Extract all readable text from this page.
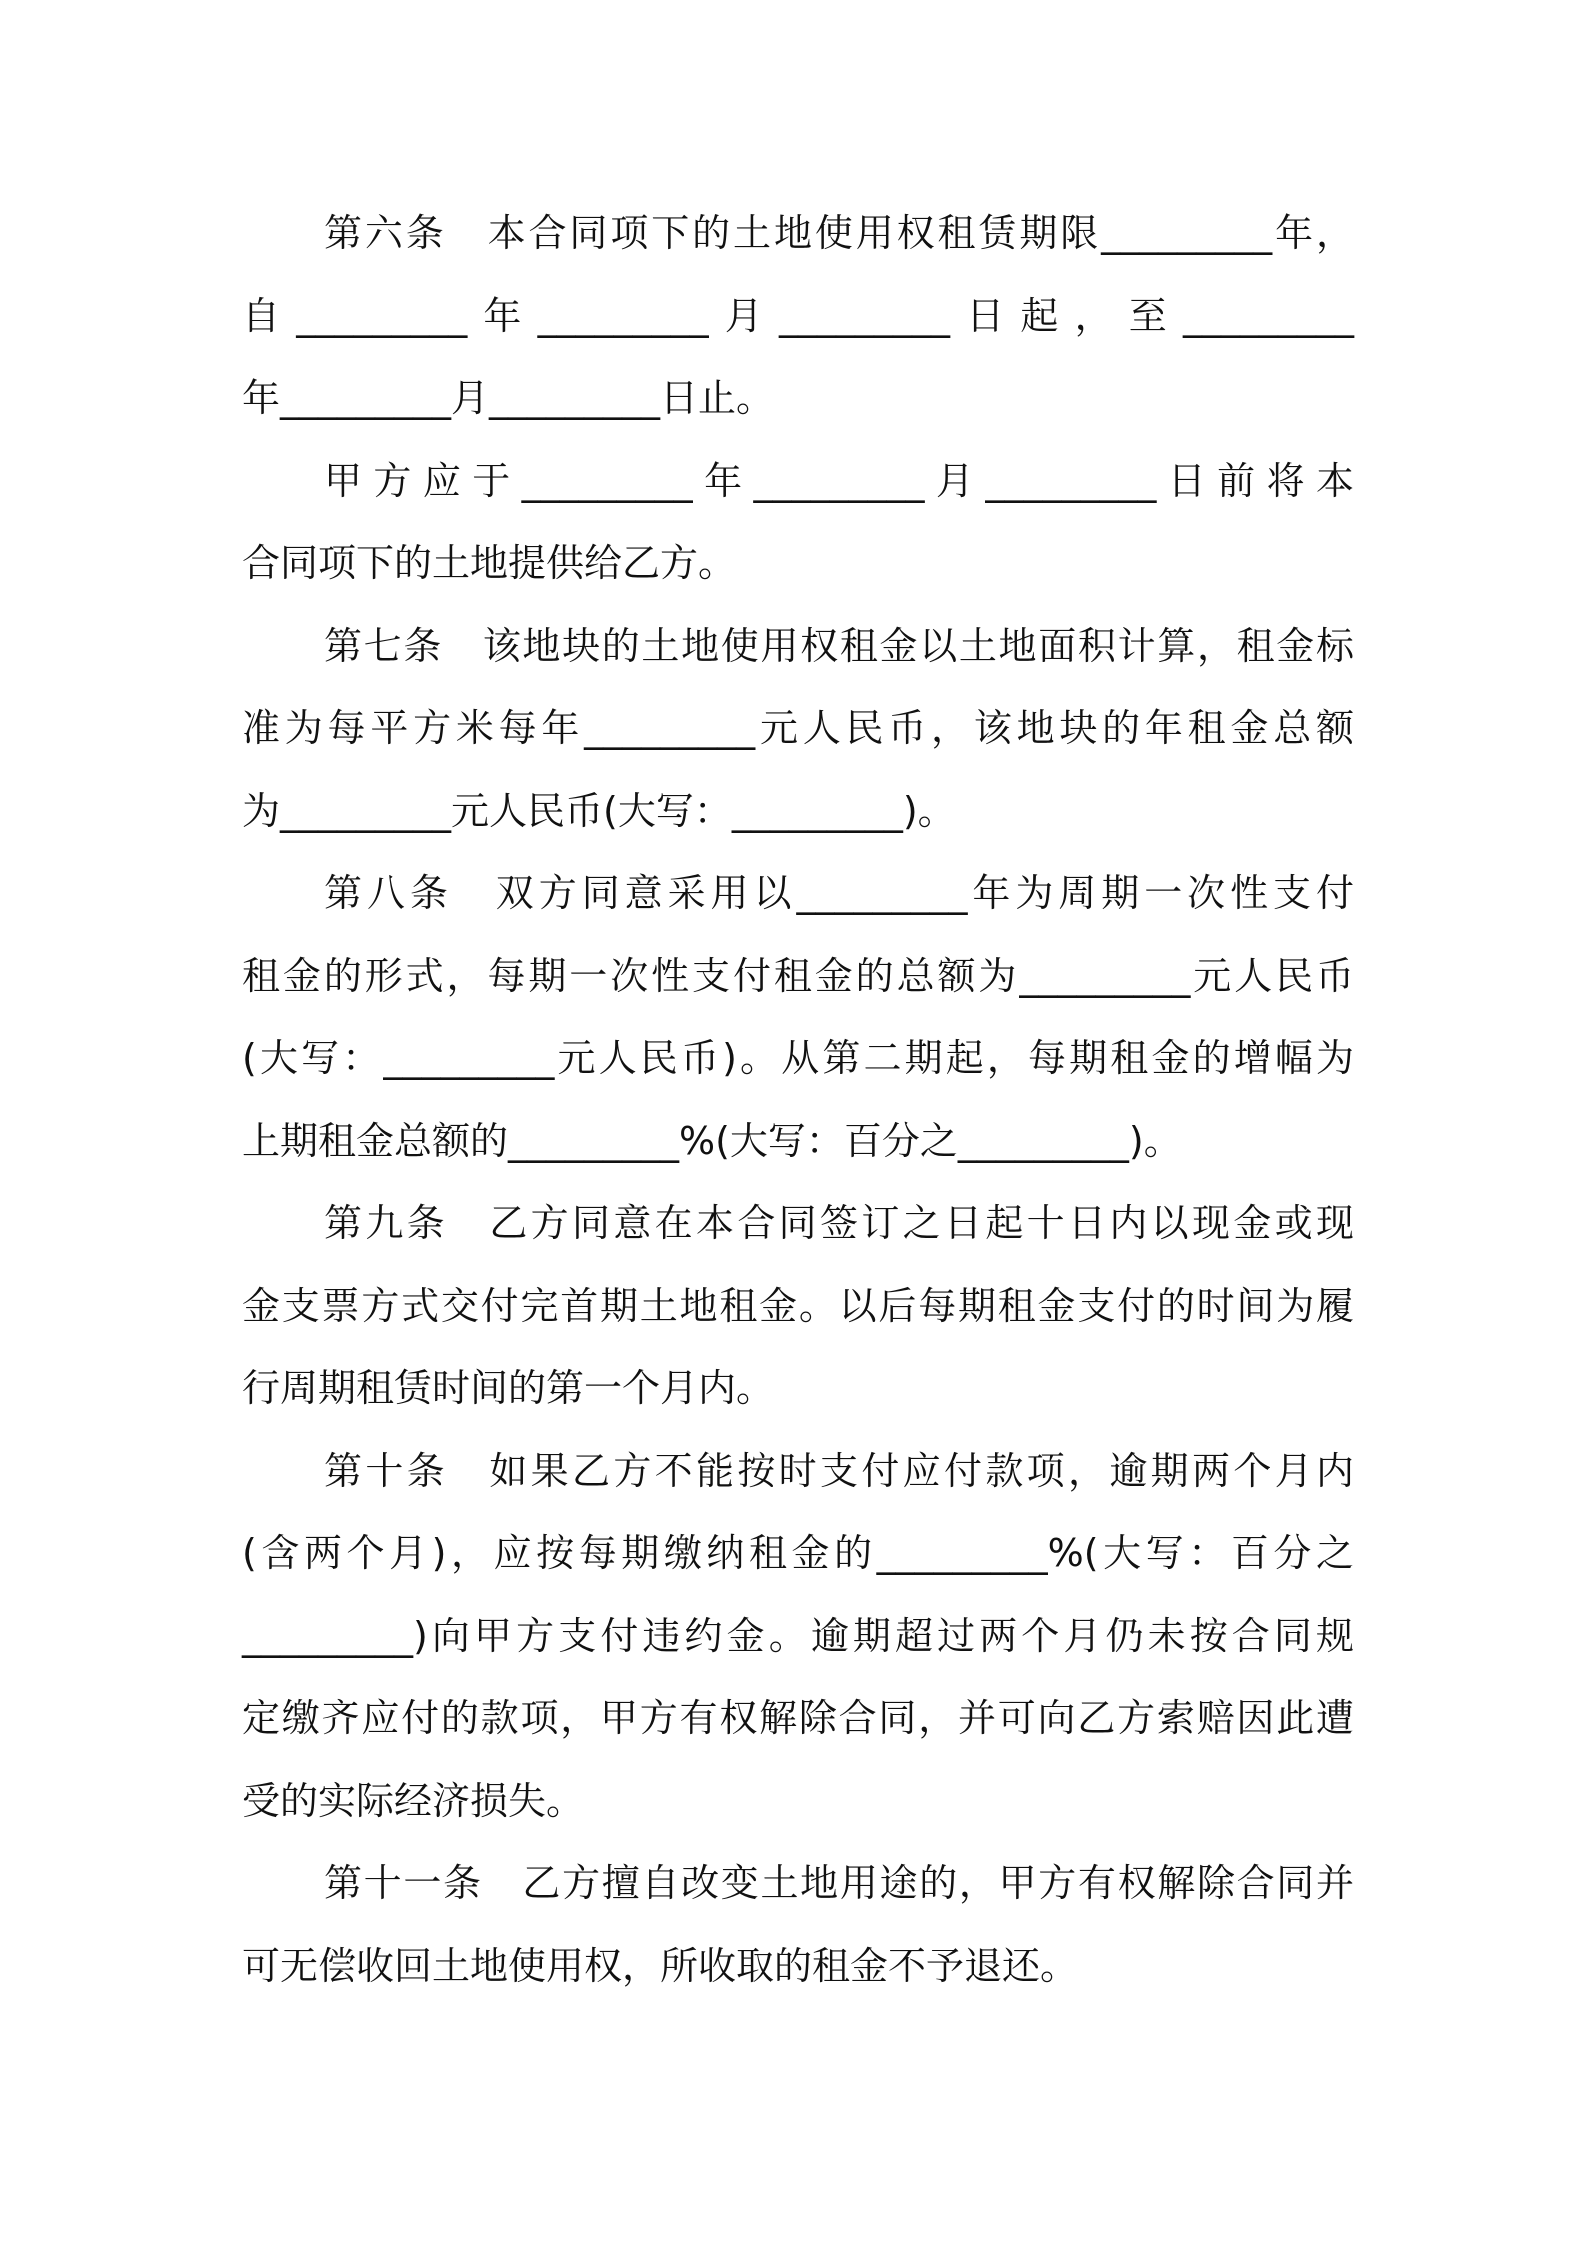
第六条　本合同项下的土地使用权租赁期限_________年，
自_________年_________月_________日起，至_________
年_________月_________日止。
甲方应于_________年_________月_________日前将本
合同项下的土地提供给乙方。
第七条　该地块的土地使用权租金以土地面积计算，租金标
准为每平方米每年_________元人民币，该地块的年租金总额
为_________元人民币(大写：_________)。
第八条　双方同意采用以_________年为周期一次性支付
租金的形式，每期一次性支付租金的总额为_________元人民币
(大写：_________元人民币)。从第二期起，每期租金的增幅为
上期租金总额的_________%(大写：百分之_________)。
第九条　乙方同意在本合同签订之日起十日内以现金或现
金支票方式交付完首期土地租金。以后每期租金支付的时间为履
行周期租赁时间的第一个月内。
第十条　如果乙方不能按时支付应付款项，逾期两个月内
(含两个月)，应按每期缴纳租金的_________%(大写：百分之
_________)向甲方支付违约金。逾期超过两个月仍未按合同规
定缴齐应付的款项，甲方有权解除合同，并可向乙方索赔因此遭
受的实际经济损失。
第十一条　乙方擅自改变土地用途的，甲方有权解除合同并
可无偿收回土地使用权，所收取的租金不予退还。
